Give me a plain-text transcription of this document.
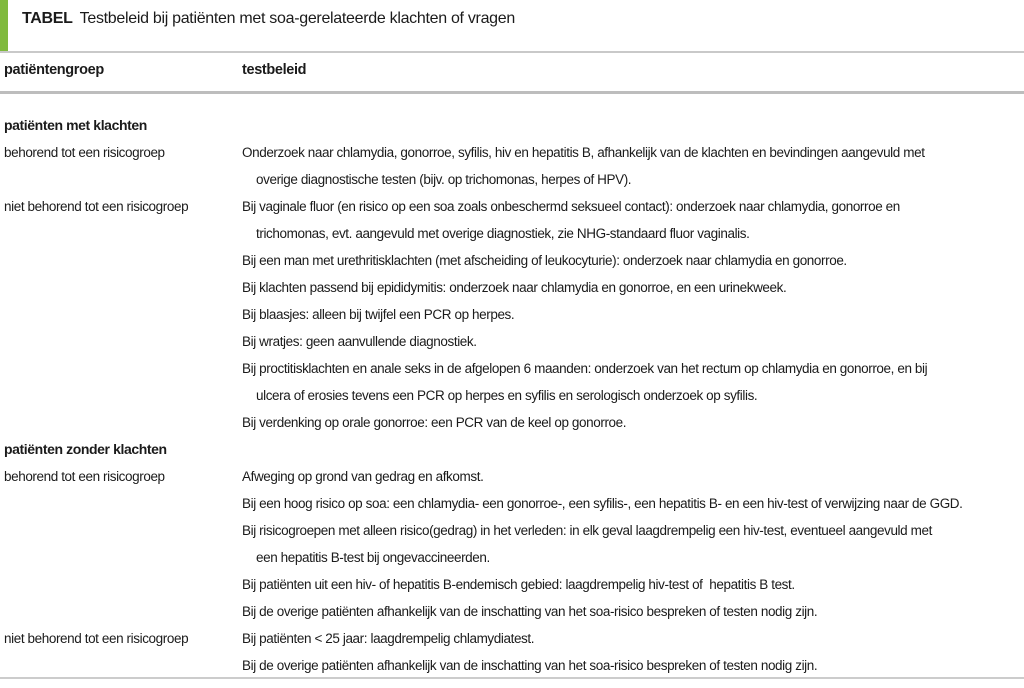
TABEL Testbeleid bij patiënten met soa-gerelateerde klachten of vragen
patiëntengroep	testbeleid
patiënten met klachten
behorend tot een risicogroep	Onderzoek naar chlamydia, gonorroe, syfilis, hiv en hepatitis B, afhankelijk van de klachten en bevindingen aangevuld met
overige diagnostische testen (bijv. op trichomonas, herpes of HPV).
niet behorend tot een risicogroep	Bij vaginale fluor (en risico op een soa zoals onbeschermd seksueel contact): onderzoek naar chlamydia, gonorroe en
trichomonas, evt. aangevuld met overige diagnostiek, zie NHG-standaard fluor vaginalis.
Bij een man met urethritisklachten (met afscheiding of leukocyturie): onderzoek naar chlamydia en gonorroe.
Bij klachten passend bij epididymitis: onderzoek naar chlamydia en gonorroe, en een urinekweek.
Bij blaasjes: alleen bij twijfel een PCR op herpes.
Bij wratjes: geen aanvullende diagnostiek.
Bij proctitisklachten en anale seks in de afgelopen 6 maanden: onderzoek van het rectum op chlamydia en gonorroe, en bij
ulcera of erosies tevens een PCR op herpes en syfilis en serologisch onderzoek op syfilis.
Bij verdenking op orale gonorroe: een PCR van de keel op gonorroe.
patiënten zonder klachten
behorend tot een risicogroep	Afweging op grond van gedrag en afkomst.
Bij een hoog risico op soa: een chlamydia- een gonorroe-, een syfilis-, een hepatitis B- en een hiv-test of verwijzing naar de GGD.
Bij risicogroepen met alleen risico(gedrag) in het verleden: in elk geval laagdrempelig een hiv-test, eventueel aangevuld met
een hepatitis B-test bij ongevaccineerden.
Bij patiënten uit een hiv- of hepatitis B-endemisch gebied: laagdrempelig hiv-test of  hepatitis B test.
Bij de overige patiënten afhankelijk van de inschatting van het soa-risico bespreken of testen nodig zijn.
niet behorend tot een risicogroep	Bij patiënten < 25 jaar: laagdrempelig chlamydiatest.
Bij de overige patiënten afhankelijk van de inschatting van het soa-risico bespreken of testen nodig zijn.
